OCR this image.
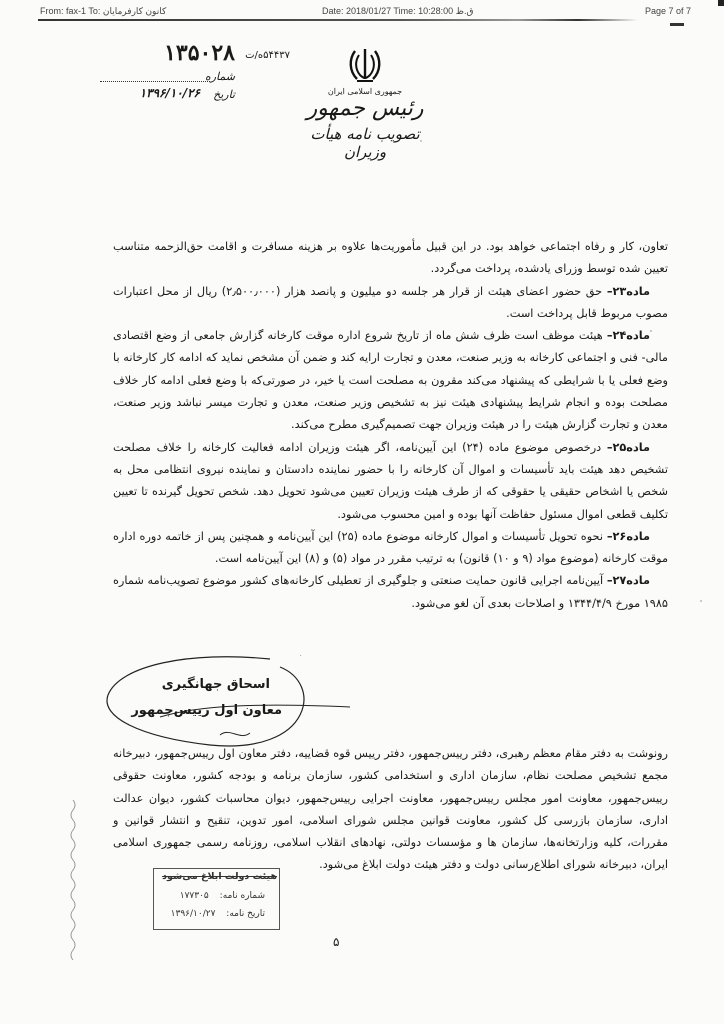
From: fax-1 To: کانون کارفرمایان	Date: 2018/01/27 Time: 10:28:00 ق.ظ	Page 7 of 7
۱۳۵۰۲۸ ۵۴۴۳۷ه/ت
شماره
تاریخ
۱۳۹۶/۱۰/۲۶	جمهوری اسلامی ایران
رئیس جمهور
تصویب نامه هیأت وزیران

تعاون، کار و رفاه اجتماعی خواهد بود. در این قبیل مأموریت‌ها علاوه بر هزینه مسافرت و اقامت حق‌الزحمه متناسب تعیین شده توسط وزرای یادشده، پرداخت می‌گردد.

ماده۲۳– حق حضور اعضای هیئت از قرار هر جلسه دو میلیون و پانصد هزار (۲٫۵۰۰٫۰۰۰) ریال از محل اعتبارات مصوب مربوط قابل پرداخت است.

ماده۲۴– هیئت موظف است ظرف شش ماه از تاریخ شروع اداره موقت کارخانه گزارش جامعی از وضع اقتصادی مالی- فنی و اجتماعی کارخانه به وزیر صنعت، معدن و تجارت ارایه کند و ضمن آن مشخص نماید که ادامه کار کارخانه با وضع فعلی یا با شرایطی که پیشنهاد می‌کند مقرون به مصلحت است یا خیر، در صورتی‌که با وضع فعلی ادامه کار خلاف مصلحت بوده و انجام شرایط پیشنهادی هیئت نیز به تشخیص وزیر صنعت، معدن و تجارت میسر نباشد وزیر صنعت، معدن و تجارت گزارش هیئت را در هیئت وزیران جهت تصمیم‌گیری مطرح می‌کند.

ماده۲۵– درخصوص موضوع ماده (۲۴) این آیین‌نامه، اگر هیئت وزیران ادامه فعالیت کارخانه را خلاف مصلحت تشخیص دهد هیئت باید تأسیسات و اموال آن کارخانه را با حضور نماینده دادستان و نماینده نیروی انتظامی محل به شخص یا اشخاص حقیقی یا حقوقی که از طرف هیئت وزیران تعیین می‌شود تحویل دهد. شخص تحویل گیرنده تا تعیین تکلیف قطعی اموال مسئول حفاظت آنها بوده و امین محسوب می‌شود.

ماده۲۶– نحوه تحویل تأسیسات و اموال کارخانه موضوع ماده (۲۵) این آیین‌نامه و همچنین پس از خاتمه دوره اداره موقت کارخانه (موضوع مواد (۹ و ۱۰) قانون) به ترتیب مقرر در مواد (۵) و (۸) این آیین‌نامه است.

ماده۲۷– آیین‌نامه اجرایی قانون حمایت صنعتی و جلوگیری از تعطیلی کارخانه‌های کشور موضوع تصویب‌نامه شماره ۱۹۸۵ مورخ ۱۳۴۴/۴/۹ و اصلاحات بعدی آن لغو می‌شود.

اسحاق جهانگیری
معاون اول رییس‌جمهور
رونوشت به دفتر مقام معظم رهبری، دفتر رییس‌جمهور، دفتر رییس قوه قضاییه، دفتر معاون اول رییس‌جمهور، دبیرخانه مجمع تشخیص مصلحت نظام، سازمان اداری و استخدامی کشور، سازمان برنامه و بودجه کشور، معاونت حقوقی رییس‌جمهور، معاونت امور مجلس رییس‌جمهور، معاونت اجرایی رییس‌جمهور، دیوان محاسبات کشور، دیوان عدالت اداری، سازمان بازرسی کل کشور، معاونت قوانین مجلس شورای اسلامی، امور تدوین، تنقیح و انتشار قوانین و مقررات، کلیه وزارتخانه‌ها، سازمان ها و مؤسسات دولتی، نهادهای انقلاب اسلامی، روزنامه رسمی جمهوری اسلامی ایران، دبیرخانه شورای اطلاع‌رسانی دولت و دفتر هیئت دولت ابلاغ می‌شود.
هیئت دولت ابلاغ می‌شود
شماره نامه: ۱۷۷۳۰۵
تاریخ نامه: ۱۳۹۶/۱۰/۲۷
۵
